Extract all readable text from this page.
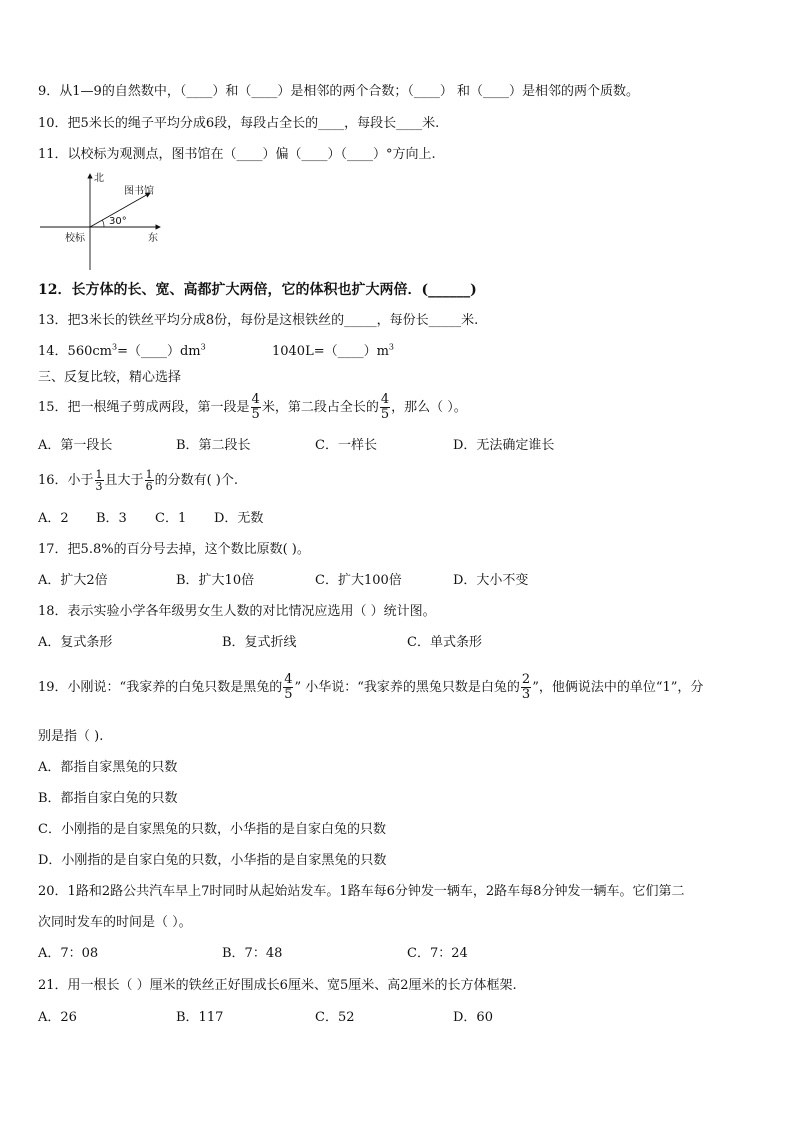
9．从1—9的自然数中，（____）和（____）是相邻的两个合数；（____） 和（____）是相邻的两个质数。
10．把5米长的绳子平均分成6段，每段占全长的____，每段长____米.
11．以校标为观测点，图书馆在（____）偏（____）（____）°方向上.
北
东
校标
图书馆
30°
12．长方体的长、宽、高都扩大两倍，它的体积也扩大两倍．(______)
13．把3米长的铁丝平均分成8份，每份是这根铁丝的_____，每份长_____米.
14．$560cm^3=(\_\_\_\_)dm^3$	$1040L=(\_\_\_\_)m^3$
三、反复比较，精心选择
15．把一根绳子剪成两段，第一段是 $\frac{4}{5}$ 米，第二段占全长的 $\frac{4}{5}$ ，那么（ ）。
A．第一段长	B．第二段长	C．一样长	D．无法确定谁长
16．小于 $\frac{1}{3}$ 且大于 $\frac{1}{6}$ 的分数有( )个.
A．2 B．3 C．1 D．无数
17．把5.8%的百分号去掉，这个数比原数( )。
A．扩大2倍	B．扩大10倍	C．扩大100倍	D．大小不变
18．表示实验小学各年级男女生人数的对比情况应选用（ ）统计图。
A．复式条形	B．复式折线	C．单式条形
19．小刚说：“我家养的白兔只数是黑兔的 $\frac{4}{5}$ ” 小华说：“我家养的黑兔只数是白兔的 $\frac{2}{3}$ ”，他俩说法中的单位“1”，分
别是指（ ).
A．都指自家黑兔的只数
B．都指自家白兔的只数
C．小刚指的是自家黑兔的只数，小华指的是自家白兔的只数
D．小刚指的是自家白兔的只数，小华指的是自家黑兔的只数
20．1路和2路公共汽车早上7时同时从起始站发车。1路车每6分钟发一辆车，2路车每8分钟发一辆车。它们第二
次同时发车的时间是（ ）。
A．7：08	B．7：48	C．7：24
21．用一根长（ ）厘米的铁丝正好围成长6厘米、宽5厘米、高2厘米的长方体框架.
A．26	B．117	C．52	D．60
